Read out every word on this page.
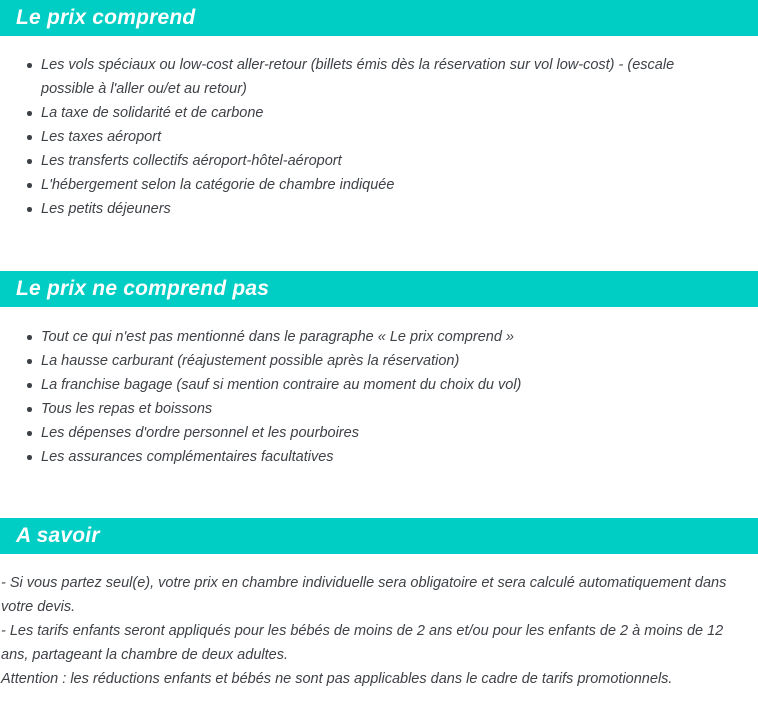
Le prix comprend
Les vols spéciaux ou low-cost aller-retour (billets émis dès la réservation sur vol low-cost) - (escale possible à l'aller ou/et au retour)
La taxe de solidarité et de carbone
Les taxes aéroport
Les transferts collectifs aéroport-hôtel-aéroport
L'hébergement selon la catégorie de chambre indiquée
Les petits déjeuners
Le prix ne comprend pas
Tout ce qui n'est pas mentionné dans le paragraphe « Le prix comprend »
La hausse carburant (réajustement possible après la réservation)
La franchise bagage (sauf si mention contraire au moment du choix du vol)
Tous les repas et boissons
Les dépenses d'ordre personnel et les pourboires
Les assurances complémentaires facultatives
A savoir

- Si vous partez seul(e), votre prix en chambre individuelle sera obligatoire et sera calculé automatiquement dans votre devis.

- Les tarifs enfants seront appliqués pour les bébés de moins de 2 ans et/ou pour les enfants de 2 à moins de 12 ans, partageant la chambre de deux adultes.

Attention : les réductions enfants et bébés ne sont pas applicables dans le cadre de tarifs promotionnels.
